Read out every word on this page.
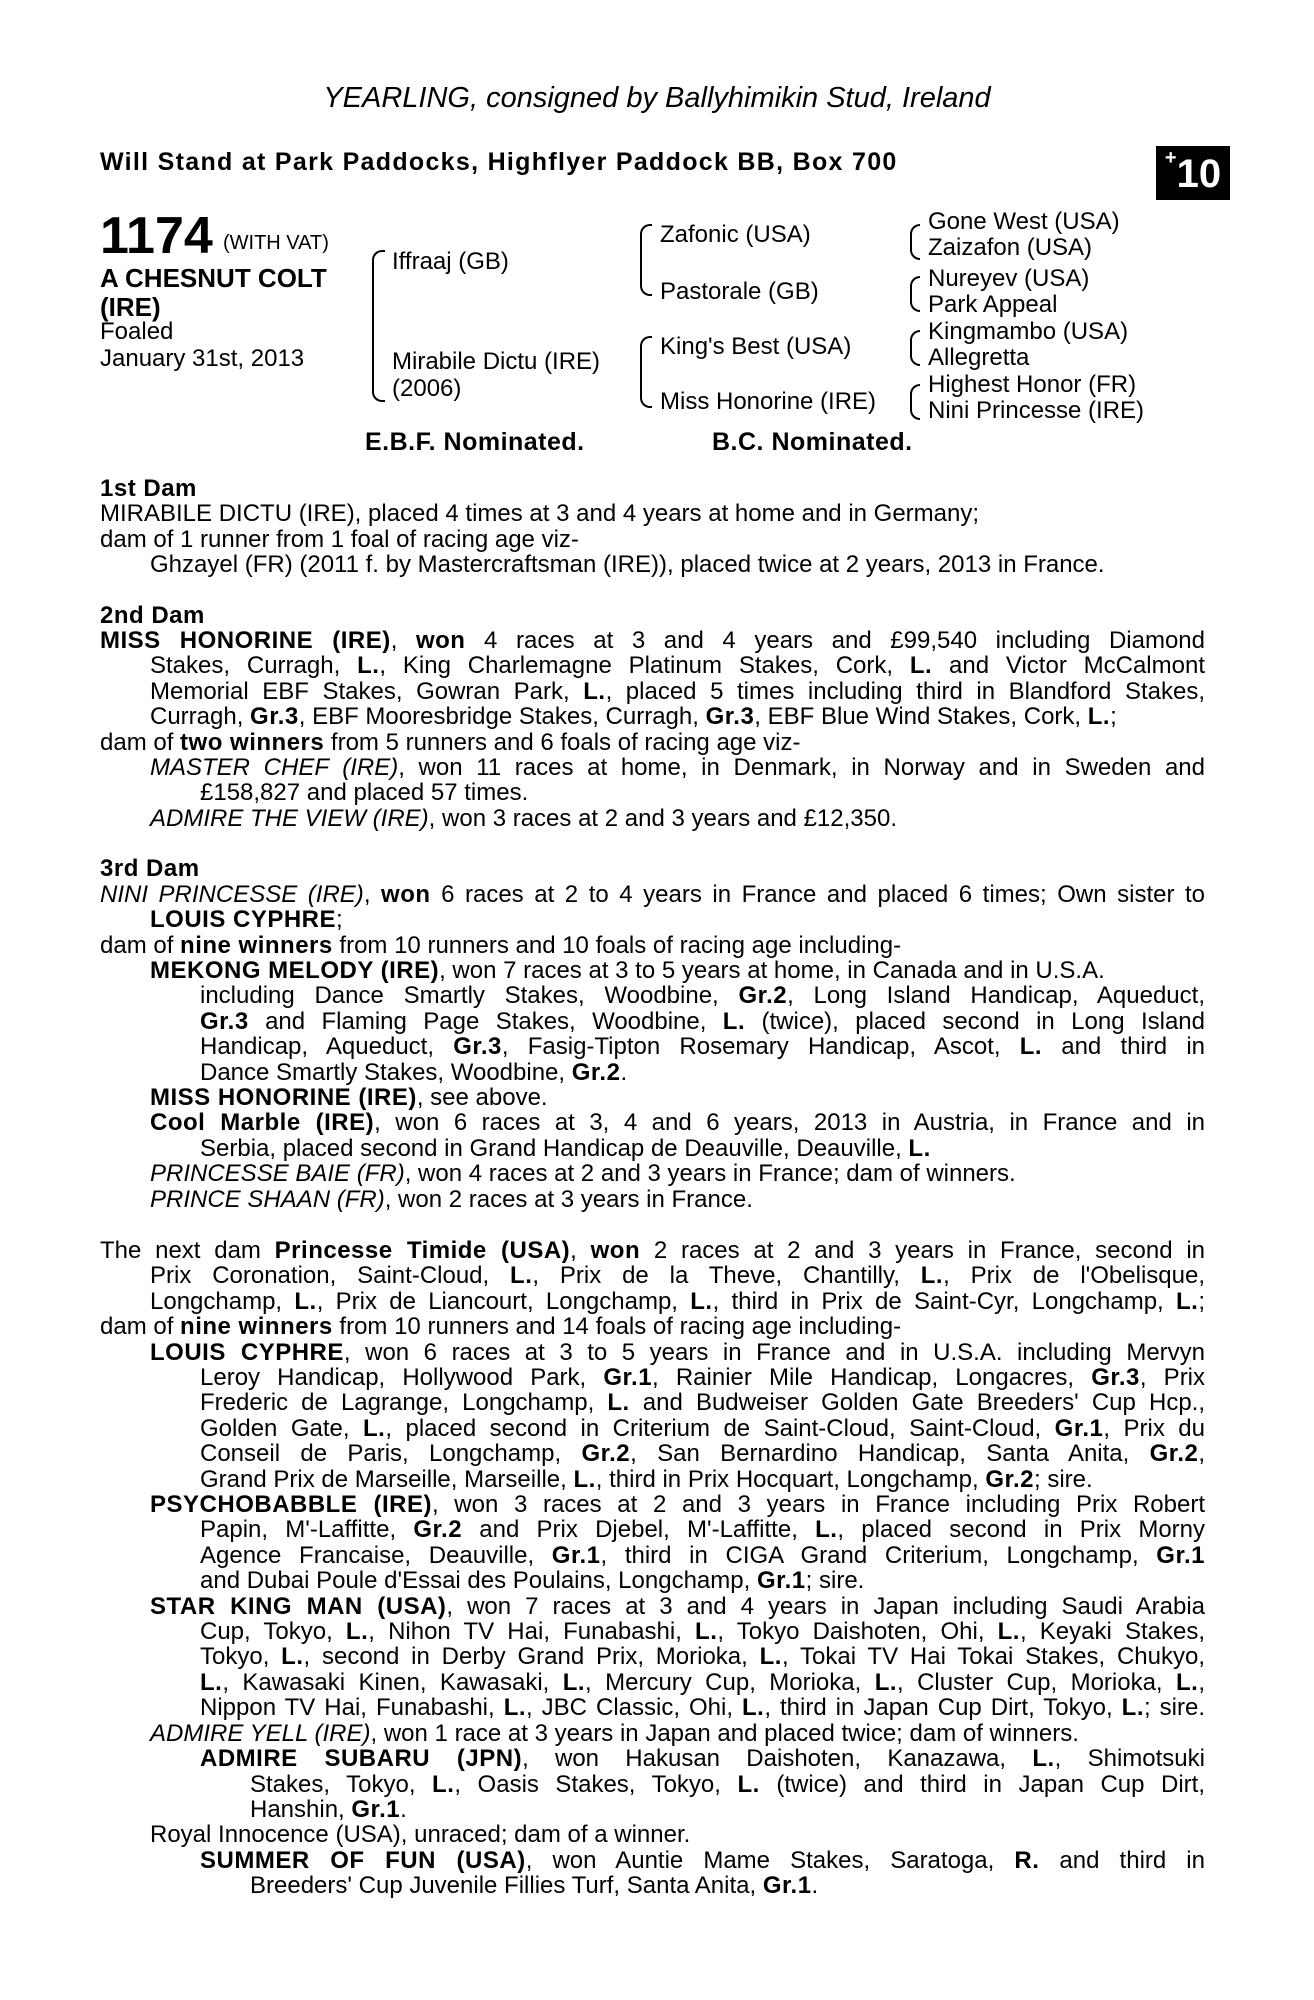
YEARLING, consigned by Ballyhimikin Stud, Ireland
Will Stand at Park Paddocks, Highflyer Paddock BB, Box 700	+10
1174 (WITH VAT)
A CHESNUT COLT
(IRE)
Foaled
January 31st, 2013
Iffraaj (GB)
Mirabile Dictu (IRE)
(2006)
Zafonic (USA)
Pastorale (GB)
King's Best (USA)
Miss Honorine (IRE)
Gone West (USA)
Zaizafon (USA)
Nureyev (USA)
Park Appeal
Kingmambo (USA)
Allegretta
Highest Honor (FR)
Nini Princesse (IRE)
E.B.F. Nominated.	B.C. Nominated.
1st Dam
MIRABILE DICTU (IRE), placed 4 times at 3 and 4 years at home and in Germany;
dam of 1 runner from 1 foal of racing age viz-
Ghzayel (FR) (2011 f. by Mastercraftsman (IRE)), placed twice at 2 years, 2013 in France.
2nd Dam
MISS HONORINE (IRE), won 4 races at 3 and 4 years and £99,540 including Diamond
Stakes, Curragh, L., King Charlemagne Platinum Stakes, Cork, L. and Victor McCalmont
Memorial EBF Stakes, Gowran Park, L., placed 5 times including third in Blandford Stakes,
Curragh, Gr.3, EBF Mooresbridge Stakes, Curragh, Gr.3, EBF Blue Wind Stakes, Cork, L.;
dam of two winners from 5 runners and 6 foals of racing age viz-
MASTER CHEF (IRE), won 11 races at home, in Denmark, in Norway and in Sweden and
£158,827 and placed 57 times.
ADMIRE THE VIEW (IRE), won 3 races at 2 and 3 years and £12,350.
3rd Dam
NINI PRINCESSE (IRE), won 6 races at 2 to 4 years in France and placed 6 times; Own sister to
LOUIS CYPHRE;
dam of nine winners from 10 runners and 10 foals of racing age including-
MEKONG MELODY (IRE), won 7 races at 3 to 5 years at home, in Canada and in U.S.A.
including Dance Smartly Stakes, Woodbine, Gr.2, Long Island Handicap, Aqueduct,
Gr.3 and Flaming Page Stakes, Woodbine, L. (twice), placed second in Long Island
Handicap, Aqueduct, Gr.3, Fasig-Tipton Rosemary Handicap, Ascot, L. and third in
Dance Smartly Stakes, Woodbine, Gr.2.
MISS HONORINE (IRE), see above.
Cool Marble (IRE), won 6 races at 3, 4 and 6 years, 2013 in Austria, in France and in
Serbia, placed second in Grand Handicap de Deauville, Deauville, L.
PRINCESSE BAIE (FR), won 4 races at 2 and 3 years in France; dam of winners.
PRINCE SHAAN (FR), won 2 races at 3 years in France.
The next dam Princesse Timide (USA), won 2 races at 2 and 3 years in France, second in
Prix Coronation, Saint-Cloud, L., Prix de la Theve, Chantilly, L., Prix de l'Obelisque,
Longchamp, L., Prix de Liancourt, Longchamp, L., third in Prix de Saint-Cyr, Longchamp, L.;
dam of nine winners from 10 runners and 14 foals of racing age including-
LOUIS CYPHRE, won 6 races at 3 to 5 years in France and in U.S.A. including Mervyn
Leroy Handicap, Hollywood Park, Gr.1, Rainier Mile Handicap, Longacres, Gr.3, Prix
Frederic de Lagrange, Longchamp, L. and Budweiser Golden Gate Breeders' Cup Hcp.,
Golden Gate, L., placed second in Criterium de Saint-Cloud, Saint-Cloud, Gr.1, Prix du
Conseil de Paris, Longchamp, Gr.2, San Bernardino Handicap, Santa Anita, Gr.2,
Grand Prix de Marseille, Marseille, L., third in Prix Hocquart, Longchamp, Gr.2; sire.
PSYCHOBABBLE (IRE), won 3 races at 2 and 3 years in France including Prix Robert
Papin, M'-Laffitte, Gr.2 and Prix Djebel, M'-Laffitte, L., placed second in Prix Morny
Agence Francaise, Deauville, Gr.1, third in CIGA Grand Criterium, Longchamp, Gr.1
and Dubai Poule d'Essai des Poulains, Longchamp, Gr.1; sire.
STAR KING MAN (USA), won 7 races at 3 and 4 years in Japan including Saudi Arabia
Cup, Tokyo, L., Nihon TV Hai, Funabashi, L., Tokyo Daishoten, Ohi, L., Keyaki Stakes,
Tokyo, L., second in Derby Grand Prix, Morioka, L., Tokai TV Hai Tokai Stakes, Chukyo,
L., Kawasaki Kinen, Kawasaki, L., Mercury Cup, Morioka, L., Cluster Cup, Morioka, L.,
Nippon TV Hai, Funabashi, L., JBC Classic, Ohi, L., third in Japan Cup Dirt, Tokyo, L.; sire.
ADMIRE YELL (IRE), won 1 race at 3 years in Japan and placed twice; dam of winners.
ADMIRE SUBARU (JPN), won Hakusan Daishoten, Kanazawa, L., Shimotsuki
Stakes, Tokyo, L., Oasis Stakes, Tokyo, L. (twice) and third in Japan Cup Dirt,
Hanshin, Gr.1.
Royal Innocence (USA), unraced; dam of a winner.
SUMMER OF FUN (USA), won Auntie Mame Stakes, Saratoga, R. and third in
Breeders' Cup Juvenile Fillies Turf, Santa Anita, Gr.1.
